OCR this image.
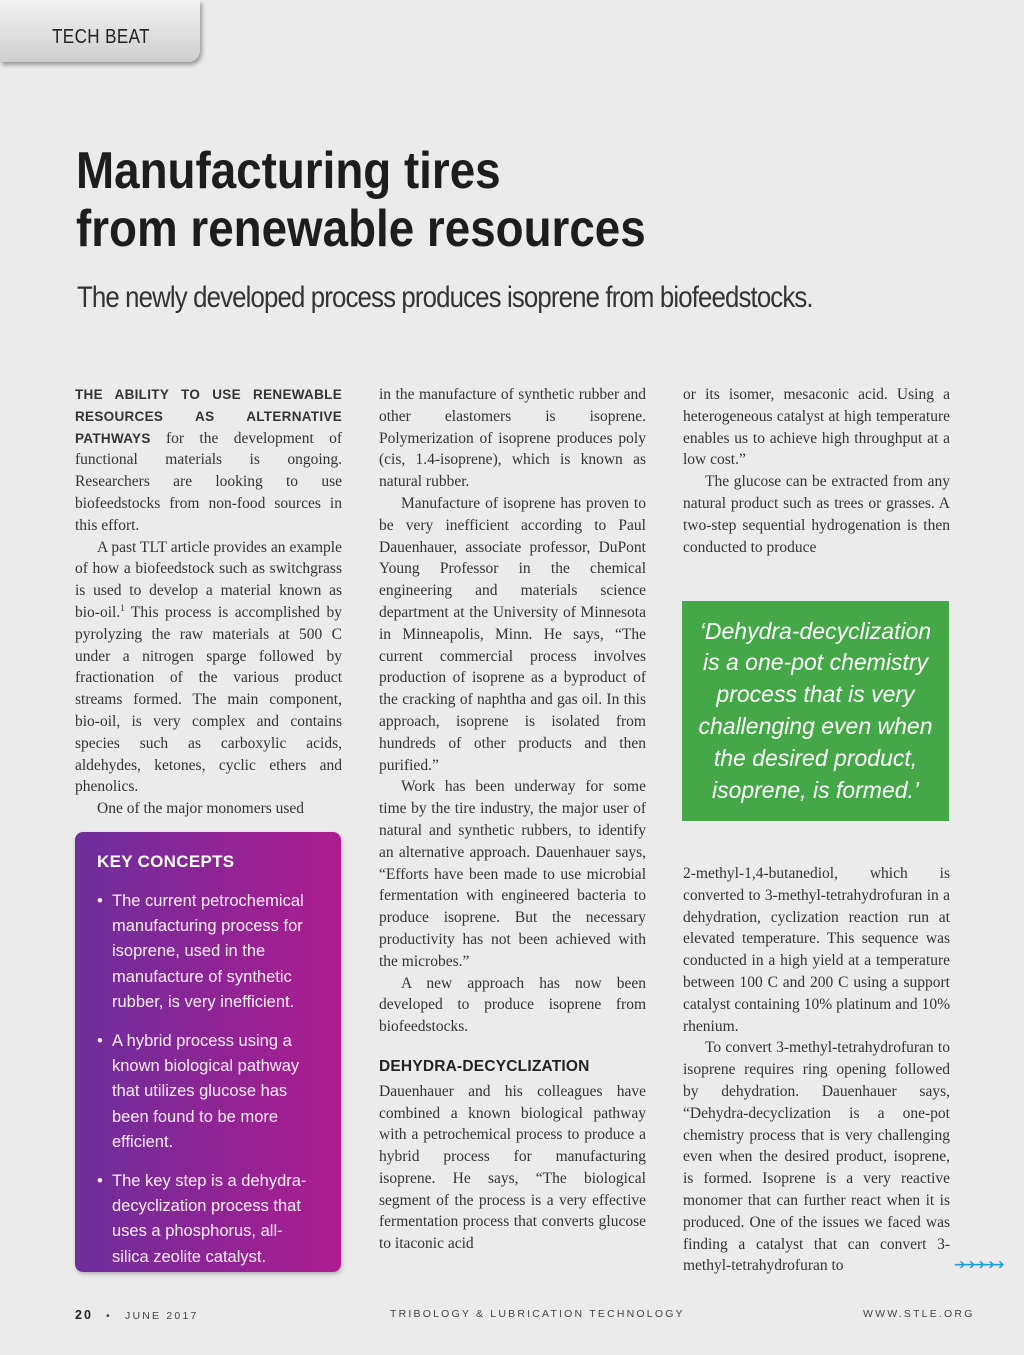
TECH BEAT
Manufacturing tires
from renewable resources

The newly developed process produces isoprene from biofeedstocks.

THE ABILITY TO USE RENEWABLE RESOURCES AS ALTERNATIVE PATHWAYS for the development of functional materials is ongoing. Researchers are looking to use biofeedstocks from non-food sources in this effort.

A past TLT article provides an example of how a biofeedstock such as switchgrass is used to develop a material known as bio-oil.$^1$ This process is accomplished by pyrolyzing the raw materials at 500 C under a nitrogen sparge followed by fractionation of the various product streams formed. The main component, bio-oil, is very complex and contains species such as carboxylic acids, aldehydes, ketones, cyclic ethers and phenolics.

One of the major monomers used

KEY CONCEPTS
• The current petrochemical manufacturing process for isoprene, used in the manufacture of synthetic rubber, is very inefficient.
• A hybrid process using a known biological pathway that utilizes glucose has been found to be more efficient.
• The key step is a dehydra-decyclization process that uses a phosphorus, all-silica zeolite catalyst.

in the manufacture of synthetic rubber and other elastomers is isoprene. Polymerization of isoprene produces poly (cis, 1.4-isoprene), which is known as natural rubber.

Manufacture of isoprene has proven to be very inefficient according to Paul Dauenhauer, associate professor, DuPont Young Professor in the chemical engineering and materials science department at the University of Minnesota in Minneapolis, Minn. He says, “The current commercial process involves production of isoprene as a byproduct of the cracking of naphtha and gas oil. In this approach, isoprene is isolated from hundreds of other products and then purified.”

Work has been underway for some time by the tire industry, the major user of natural and synthetic rubbers, to identify an alternative approach. Dauenhauer says, “Efforts have been made to use microbial fermentation with engineered bacteria to produce isoprene. But the necessary productivity has not been achieved with the microbes.”

A new approach has now been developed to produce isoprene from biofeedstocks.

DEHYDRA-DECYCLIZATION

Dauenhauer and his colleagues have combined a known biological pathway with a petrochemical process to produce a hybrid process for manufacturing isoprene. He says, “The biological segment of the process is a very effective fermentation process that converts glucose to itaconic acid

or its isomer, mesaconic acid. Using a heterogeneous catalyst at high temperature enables us to achieve high throughput at a low cost.”

The glucose can be extracted from any natural product such as trees or grasses. A two-step sequential hydrogenation is then conducted to produce

‘Dehydra-decyclization is a one-pot chemistry process that is very challenging even when the desired product, isoprene, is formed.’

2-methyl-1,4-butanediol, which is converted to 3-methyl-tetrahydrofuran in a dehydration, cyclization reaction run at elevated temperature. This sequence was conducted in a high yield at a temperature between 100 C and 200 C using a support catalyst containing 10% platinum and 10% rhenium.

To convert 3-methyl-tetrahydrofuran to isoprene requires ring opening followed by dehydration. Dauenhauer says, “Dehydra-decyclization is a one-pot chemistry process that is very challenging even when the desired product, isoprene, is formed. Isoprene is a very reactive monomer that can further react when it is produced. One of the issues we faced was finding a catalyst that can convert 3-methyl-tetrahydrofuran to	➔➔➔➔➔
20 • JUNE 2017	TRIBOLOGY & LUBRICATION TECHNOLOGY	WWW.STLE.ORG
